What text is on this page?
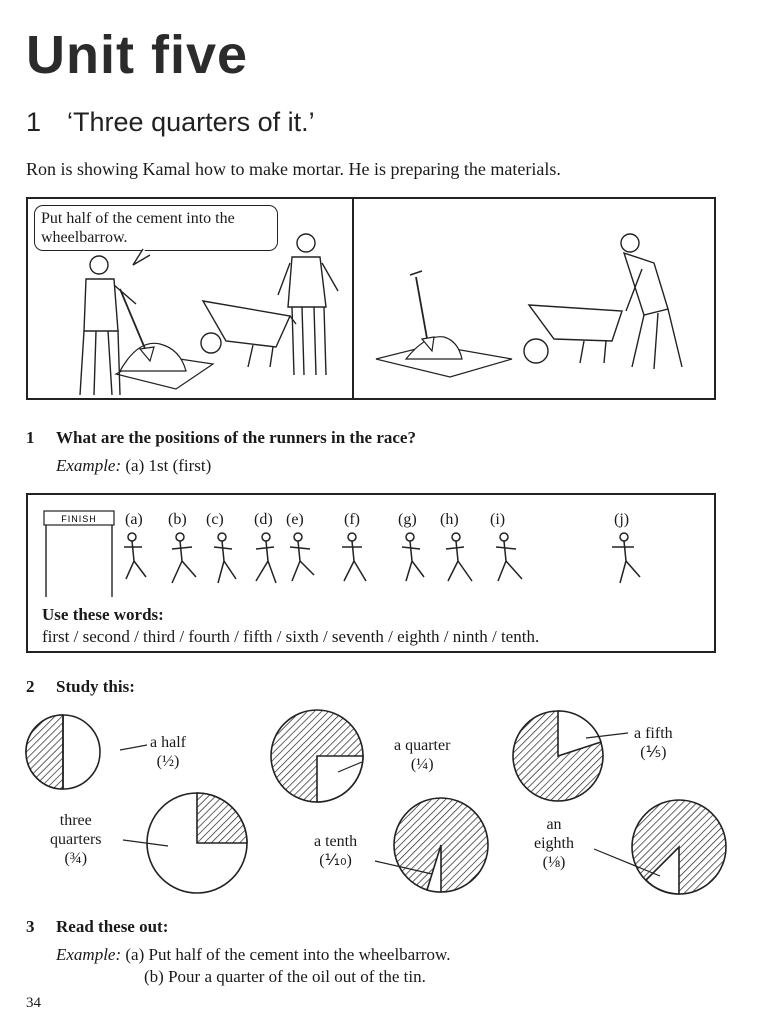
Unit five
1 ‘Three quarters of it.’
Ron is showing Kamal how to make mortar. He is preparing the materials.
Put half of the cement into the wheelbarrow.
1 What are the positions of the runners in the race?
Example: (a) 1st (first)
FINISH (a) (b) (c) (d) (e)	(f) (g) (h) (i)	(j)
Use these words:
first / second / third / fourth / fifth / sixth / seventh / eighth / ninth / tenth.
2 Study this:
a half
(½)
a quarter
(¼)
a fifth
(⅕)
three
quarters
(¾)
a tenth
(⅒)
an
eighth
(⅛)
3 Read these out:
Example: (a) Put half of the cement into the wheelbarrow.
(b) Pour a quarter of the oil out of the tin.
34
